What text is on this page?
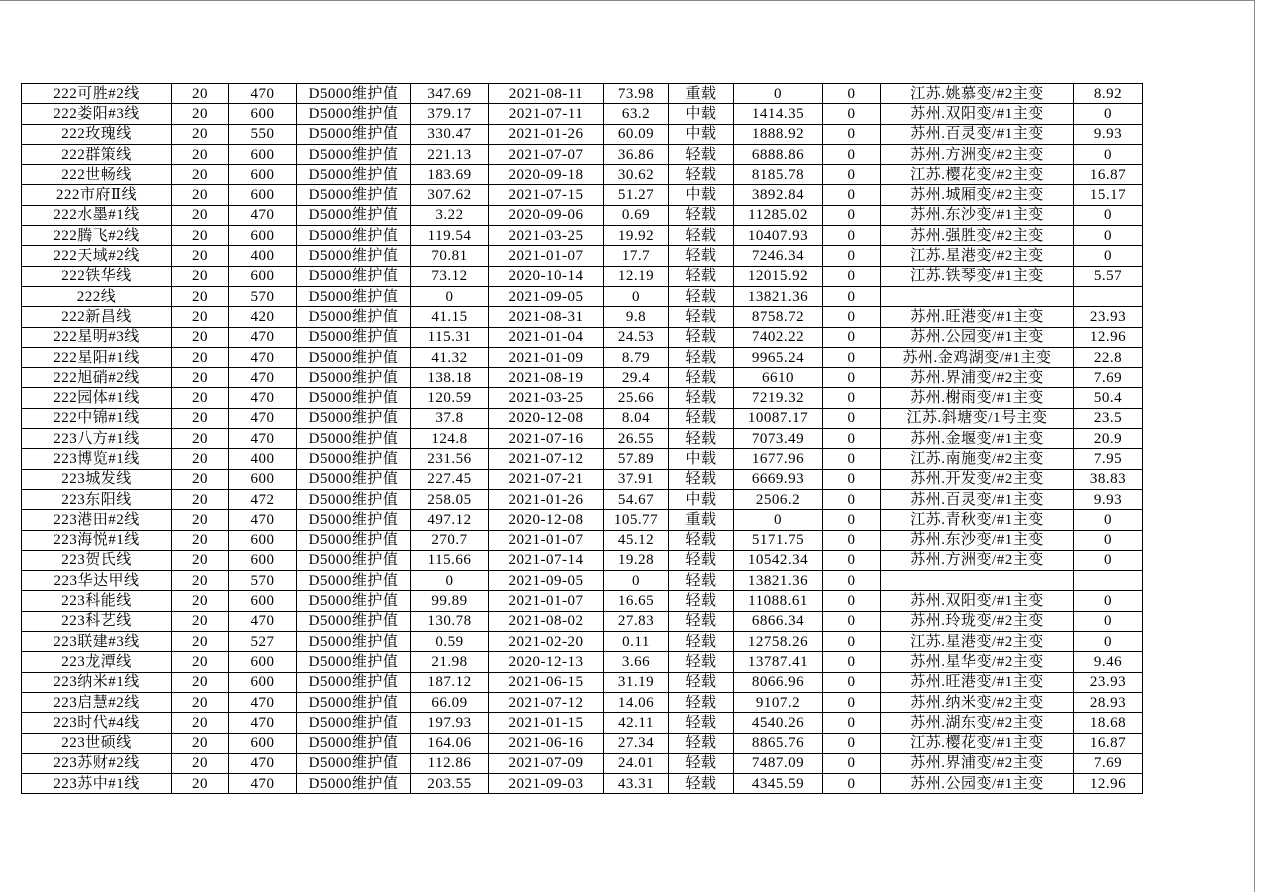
222可胜#2线	20	470	D5000维护值	347.69	2021-08-11	73.98	重载	0	0	江苏.姚慕变/#2主变	8.92
222娄阳#3线	20	600	D5000维护值	379.17	2021-07-11	63.2	中载	1414.35	0	苏州.双阳变/#1主变	0
222玫瑰线	20	550	D5000维护值	330.47	2021-01-26	60.09	中载	1888.92	0	苏州.百灵变/#1主变	9.93
222群策线	20	600	D5000维护值	221.13	2021-07-07	36.86	轻载	6888.86	0	苏州.方洲变/#2主变	0
222世畅线	20	600	D5000维护值	183.69	2020-09-18	30.62	轻载	8185.78	0	江苏.樱花变/#2主变	16.87
222市府Ⅱ线	20	600	D5000维护值	307.62	2021-07-15	51.27	中载	3892.84	0	苏州.城厢变/#2主变	15.17
222水墨#1线	20	470	D5000维护值	3.22	2020-09-06	0.69	轻载	11285.02	0	苏州.东沙变/#1主变	0
222腾飞#2线	20	600	D5000维护值	119.54	2021-03-25	19.92	轻载	10407.93	0	苏州.强胜变/#2主变	0
222天域#2线	20	400	D5000维护值	70.81	2021-01-07	17.7	轻载	7246.34	0	江苏.星港变/#2主变	0
222铁华线	20	600	D5000维护值	73.12	2020-10-14	12.19	轻载	12015.92	0	江苏.铁琴变/#1主变	5.57
222线	20	570	D5000维护值	0	2021-09-05	0	轻载	13821.36	0		
222新昌线	20	420	D5000维护值	41.15	2021-08-31	9.8	轻载	8758.72	0	苏州.旺港变/#1主变	23.93
222星明#3线	20	470	D5000维护值	115.31	2021-01-04	24.53	轻载	7402.22	0	苏州.公园变/#1主变	12.96
222星阳#1线	20	470	D5000维护值	41.32	2021-01-09	8.79	轻载	9965.24	0	苏州.金鸡湖变/#1主变	22.8
222旭硝#2线	20	470	D5000维护值	138.18	2021-08-19	29.4	轻载	6610	0	苏州.界浦变/#2主变	7.69
222园体#1线	20	470	D5000维护值	120.59	2021-03-25	25.66	轻载	7219.32	0	苏州.榭雨变/#1主变	50.4
222中锦#1线	20	470	D5000维护值	37.8	2020-12-08	8.04	轻载	10087.17	0	江苏.斜塘变/1号主变	23.5
223八方#1线	20	470	D5000维护值	124.8	2021-07-16	26.55	轻载	7073.49	0	苏州.金堰变/#1主变	20.9
223博览#1线	20	400	D5000维护值	231.56	2021-07-12	57.89	中载	1677.96	0	江苏.南施变/#2主变	7.95
223城发线	20	600	D5000维护值	227.45	2021-07-21	37.91	轻载	6669.93	0	苏州.开发变/#2主变	38.83
223东阳线	20	472	D5000维护值	258.05	2021-01-26	54.67	中载	2506.2	0	苏州.百灵变/#1主变	9.93
223港田#2线	20	470	D5000维护值	497.12	2020-12-08	105.77	重载	0	0	江苏.青秋变/#1主变	0
223海悦#1线	20	600	D5000维护值	270.7	2021-01-07	45.12	轻载	5171.75	0	苏州.东沙变/#1主变	0
223贺氏线	20	600	D5000维护值	115.66	2021-07-14	19.28	轻载	10542.34	0	苏州.方洲变/#2主变	0
223华达甲线	20	570	D5000维护值	0	2021-09-05	0	轻载	13821.36	0		
223科能线	20	600	D5000维护值	99.89	2021-01-07	16.65	轻载	11088.61	0	苏州.双阳变/#1主变	0
223科艺线	20	470	D5000维护值	130.78	2021-08-02	27.83	轻载	6866.34	0	苏州.玲珑变/#2主变	0
223联建#3线	20	527	D5000维护值	0.59	2021-02-20	0.11	轻载	12758.26	0	江苏.星港变/#2主变	0
223龙潭线	20	600	D5000维护值	21.98	2020-12-13	3.66	轻载	13787.41	0	苏州.星华变/#2主变	9.46
223纳米#1线	20	600	D5000维护值	187.12	2021-06-15	31.19	轻载	8066.96	0	苏州.旺港变/#1主变	23.93
223启慧#2线	20	470	D5000维护值	66.09	2021-07-12	14.06	轻载	9107.2	0	苏州.纳米变/#2主变	28.93
223时代#4线	20	470	D5000维护值	197.93	2021-01-15	42.11	轻载	4540.26	0	苏州.湖东变/#2主变	18.68
223世硕线	20	600	D5000维护值	164.06	2021-06-16	27.34	轻载	8865.76	0	江苏.樱花变/#1主变	16.87
223苏财#2线	20	470	D5000维护值	112.86	2021-07-09	24.01	轻载	7487.09	0	苏州.界浦变/#2主变	7.69
223苏中#1线	20	470	D5000维护值	203.55	2021-09-03	43.31	轻载	4345.59	0	苏州.公园变/#1主变	12.96
